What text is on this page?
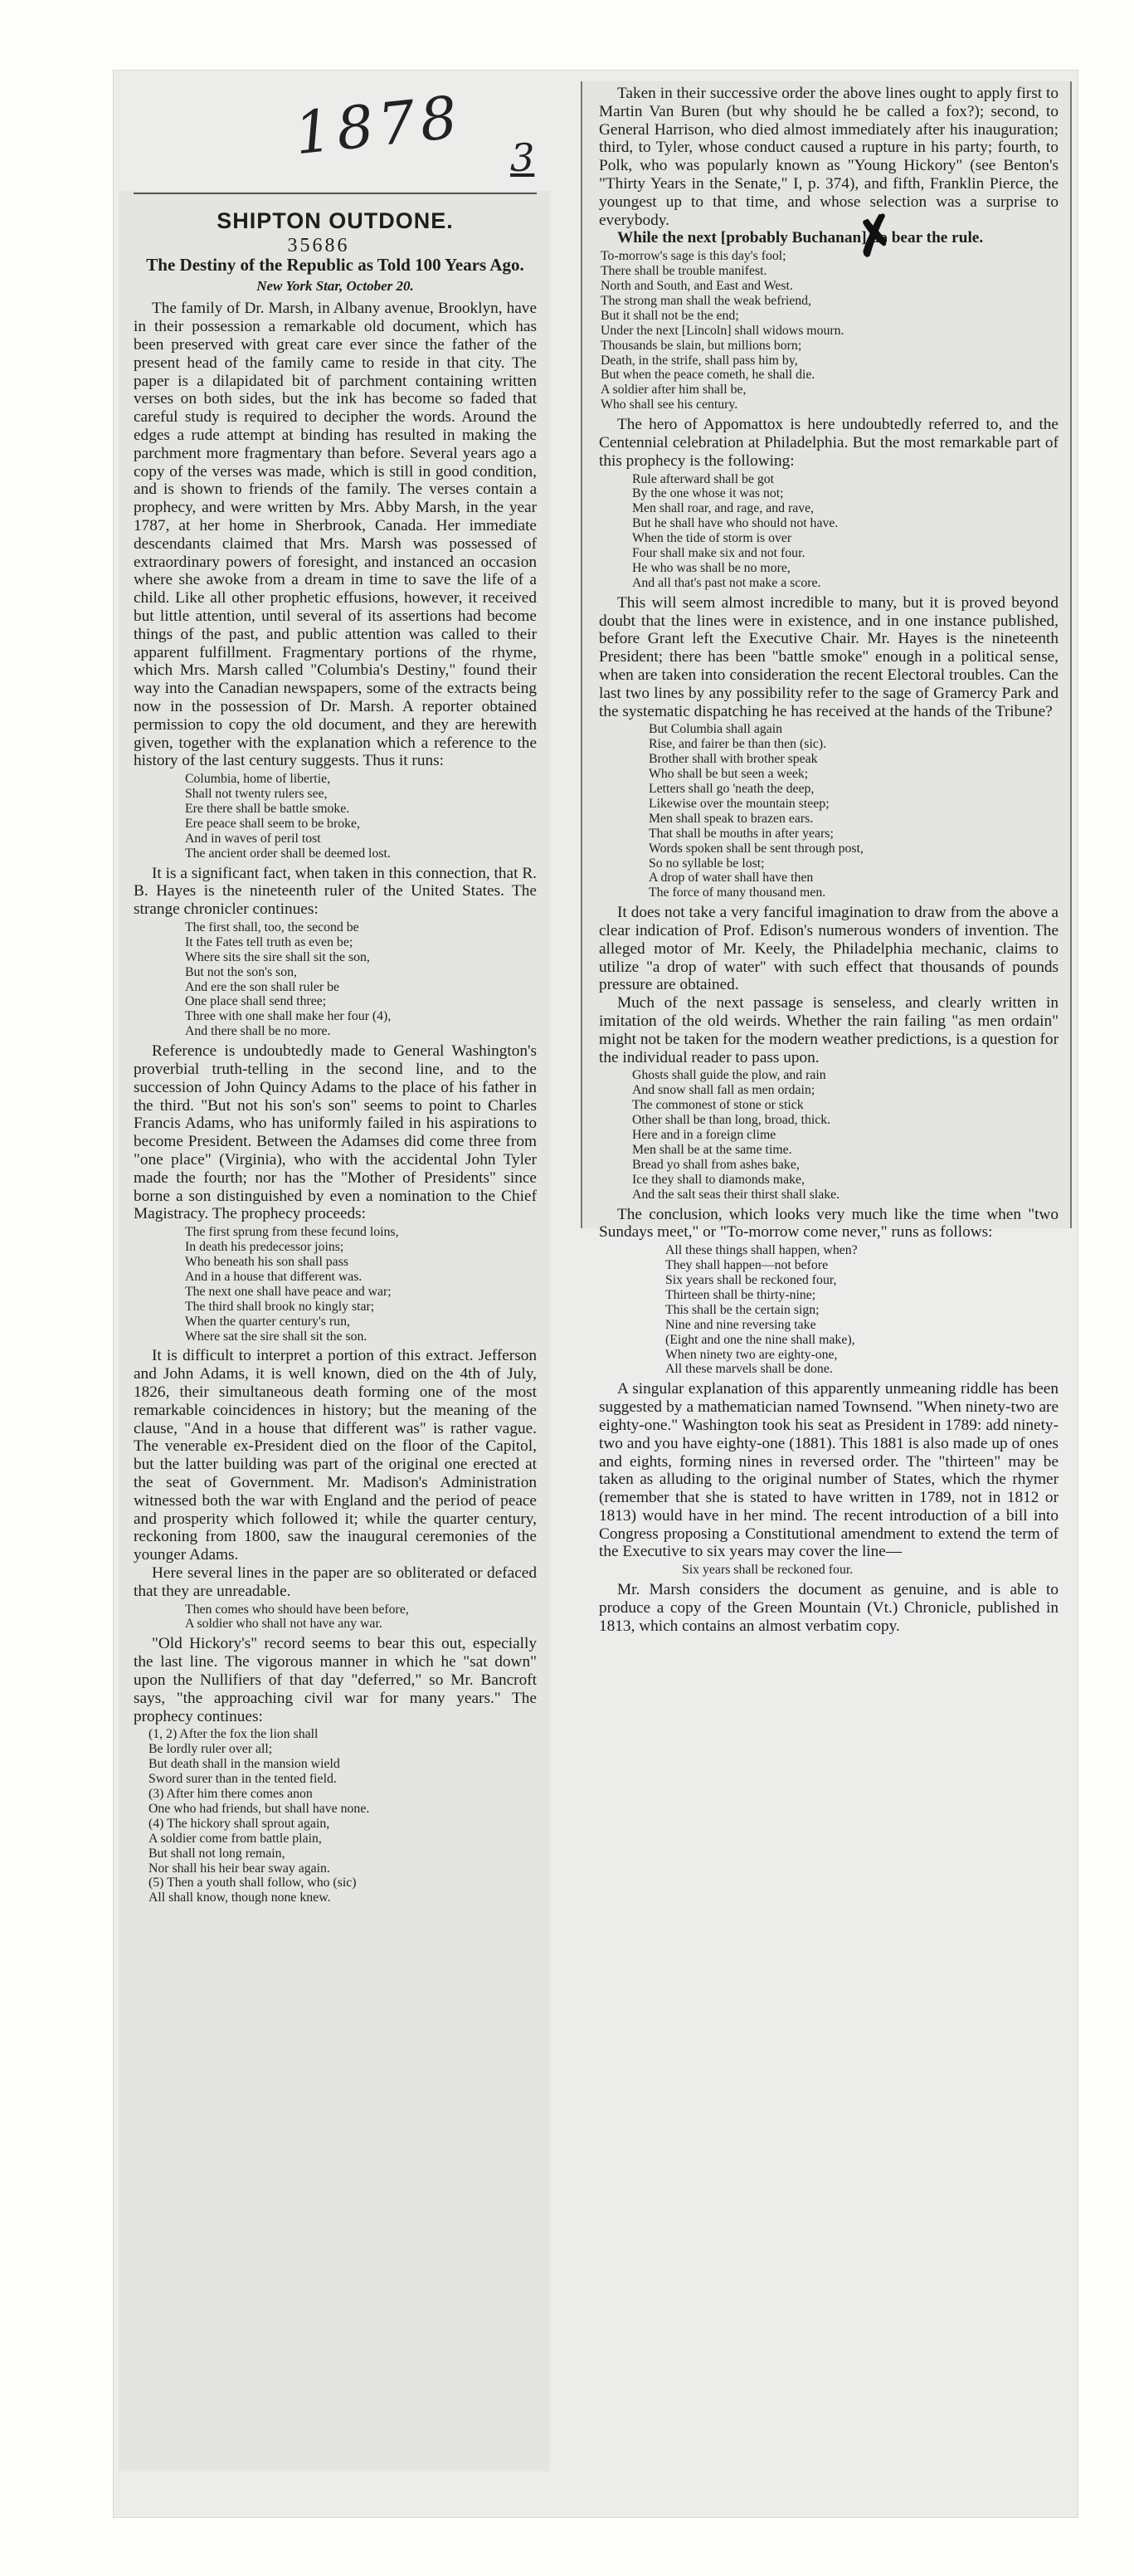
1878 3
SHIPTON OUTDONE.
35686
The Destiny of the Republic as Told 100 Years Ago.
New York Star, October 20.

The family of Dr. Marsh, in Albany avenue, Brooklyn, have in their possession a remarkable old document, which has been preserved with great care ever since the father of the present head of the family came to reside in that city. The paper is a dilapidated bit of parchment containing written verses on both sides, but the ink has become so faded that careful study is required to decipher the words. Around the edges a rude attempt at binding has resulted in making the parchment more fragmentary than before. Several years ago a copy of the verses was made, which is still in good condition, and is shown to friends of the family. The verses contain a prophecy, and were written by Mrs. Abby Marsh, in the year 1787, at her home in Sherbrook, Canada. Her immediate descendants claimed that Mrs. Marsh was possessed of extraordinary powers of foresight, and instanced an occasion where she awoke from a dream in time to save the life of a child. Like all other prophetic effusions, however, it received but little attention, until several of its assertions had become things of the past, and public attention was called to their apparent fulfillment. Fragmentary portions of the rhyme, which Mrs. Marsh called "Columbia's Destiny," found their way into the Canadian newspapers, some of the extracts being now in the possession of Dr. Marsh. A reporter obtained permission to copy the old document, and they are herewith given, together with the explanation which a reference to the history of the last century suggests. Thus it runs:

Columbia, home of libertie,
Shall not twenty rulers see,
Ere there shall be battle smoke.
Ere peace shall seem to be broke,
And in waves of peril tost
The ancient order shall be deemed lost.

It is a significant fact, when taken in this connection, that R. B. Hayes is the nineteenth ruler of the United States. The strange chronicler continues:

The first shall, too, the second be
It the Fates tell truth as even be;
Where sits the sire shall sit the son,
But not the son's son,
And ere the son shall ruler be
One place shall send three;
Three with one shall make her four (4),
And there shall be no more.

Reference is undoubtedly made to General Washington's proverbial truth-telling in the second line, and to the succession of John Quincy Adams to the place of his father in the third. "But not his son's son" seems to point to Charles Francis Adams, who has uniformly failed in his aspirations to become President. Between the Adamses did come three from "one place" (Virginia), who with the accidental John Tyler made the fourth; nor has the "Mother of Presidents" since borne a son distinguished by even a nomination to the Chief Magistracy. The prophecy proceeds:

The first sprung from these fecund loins,
In death his predecessor joins;
Who beneath his son shall pass
And in a house that different was.
The next one shall have peace and war;
The third shall brook no kingly star;
When the quarter century's run,
Where sat the sire shall sit the son.

It is difficult to interpret a portion of this extract. Jefferson and John Adams, it is well known, died on the 4th of July, 1826, their simultaneous death forming one of the most remarkable coincidences in history; but the meaning of the clause, "And in a house that different was" is rather vague. The venerable ex-President died on the floor of the Capitol, but the latter building was part of the original one erected at the seat of Government. Mr. Madison's Administration witnessed both the war with England and the period of peace and prosperity which followed it; while the quarter century, reckoning from 1800, saw the inaugural ceremonies of the younger Adams.

Here several lines in the paper are so obliterated or defaced that they are unreadable.

Then comes who should have been before,
A soldier who shall not have any war.

"Old Hickory's" record seems to bear this out, especially the last line. The vigorous manner in which he "sat down" upon the Nullifiers of that day "deferred," so Mr. Bancroft says, "the approaching civil war for many years." The prophecy continues:

(1, 2) After the fox the lion shall
Be lordly ruler over all;
But death shall in the mansion wield
Sword surer than in the tented field.
(3) After him there comes anon
One who had friends, but shall have none.
(4) The hickory shall sprout again,
A soldier come from battle plain,
But shall not long remain,
Nor shall his heir bear sway again.
(5) Then a youth shall follow, who (sic)
All shall know, though none knew.

Taken in their successive order the above lines ought to apply first to Martin Van Buren (but why should he be called a fox?); second, to General Harrison, who died almost immediately after his inauguration; third, to Tyler, whose conduct caused a rupture in his party; fourth, to Polk, who was popularly known as "Young Hickory" (see Benton's "Thirty Years in the Senate," I, p. 374), and fifth, Franklin Pierce, the youngest up to that time, and whose selection was a surprise to everybody.

While the next [probably Buchanan] do bear the rule.

To-morrow's sage is this day's fool;
There shall be trouble manifest.
North and South, and East and West.
The strong man shall the weak befriend,
But it shall not be the end;
Under the next [Lincoln] shall widows mourn.
Thousands be slain, but millions born;
Death, in the strife, shall pass him by,
But when the peace cometh, he shall die.
A soldier after him shall be,
Who shall see his century.

The hero of Appomattox is here undoubtedly referred to, and the Centennial celebration at Philadelphia. But the most remarkable part of this prophecy is the following:

Rule afterward shall be got
By the one whose it was not;
Men shall roar, and rage, and rave,
But he shall have who should not have.
When the tide of storm is over
Four shall make six and not four.
He who was shall be no more,
And all that's past not make a score.

This will seem almost incredible to many, but it is proved beyond doubt that the lines were in existence, and in one instance published, before Grant left the Executive Chair. Mr. Hayes is the nineteenth President; there has been "battle smoke" enough in a political sense, when are taken into consideration the recent Electoral troubles. Can the last two lines by any possibility refer to the sage of Gramercy Park and the systematic dispatching he has received at the hands of the Tribune?

But Columbia shall again
Rise, and fairer be than then (sic).
Brother shall with brother speak
Who shall be but seen a week;
Letters shall go 'neath the deep,
Likewise over the mountain steep;
Men shall speak to brazen ears.
That shall be mouths in after years;
Words spoken shall be sent through post,
So no syllable be lost;
A drop of water shall have then
The force of many thousand men.

It does not take a very fanciful imagination to draw from the above a clear indication of Prof. Edison's numerous wonders of invention. The alleged motor of Mr. Keely, the Philadelphia mechanic, claims to utilize "a drop of water" with such effect that thousands of pounds pressure are obtained.

Much of the next passage is senseless, and clearly written in imitation of the old weirds. Whether the rain failing "as men ordain" might not be taken for the modern weather predictions, is a question for the individual reader to pass upon.

Ghosts shall guide the plow, and rain
And snow shall fall as men ordain;
The commonest of stone or stick
Other shall be than long, broad, thick.
Here and in a foreign clime
Men shall be at the same time.
Bread yo shall from ashes bake,
Ice they shall to diamonds make,
And the salt seas their thirst shall slake.

The conclusion, which looks very much like the time when "two Sundays meet," or "To-morrow come never," runs as follows:

All these things shall happen, when?
They shall happen—not before
Six years shall be reckoned four,
Thirteen shall be thirty-nine;
This shall be the certain sign;
Nine and nine reversing take
(Eight and one the nine shall make),
When ninety two are eighty-one,
All these marvels shall be done.

A singular explanation of this apparently unmeaning riddle has been suggested by a mathematician named Townsend. "When ninety-two are eighty-one." Washington took his seat as President in 1789: add ninety-two and you have eighty-one (1881). This 1881 is also made up of ones and eights, forming nines in reversed order. The "thirteen" may be taken as alluding to the original number of States, which the rhymer (remember that she is stated to have written in 1789, not in 1812 or 1813) would have in her mind. The recent introduction of a bill into Congress proposing a Constitutional amendment to extend the term of the Executive to six years may cover the line—

Six years shall be reckoned four.

Mr. Marsh considers the document as genuine, and is able to produce a copy of the Green Mountain (Vt.) Chronicle, published in 1813, which contains an almost verbatim copy.

✗
